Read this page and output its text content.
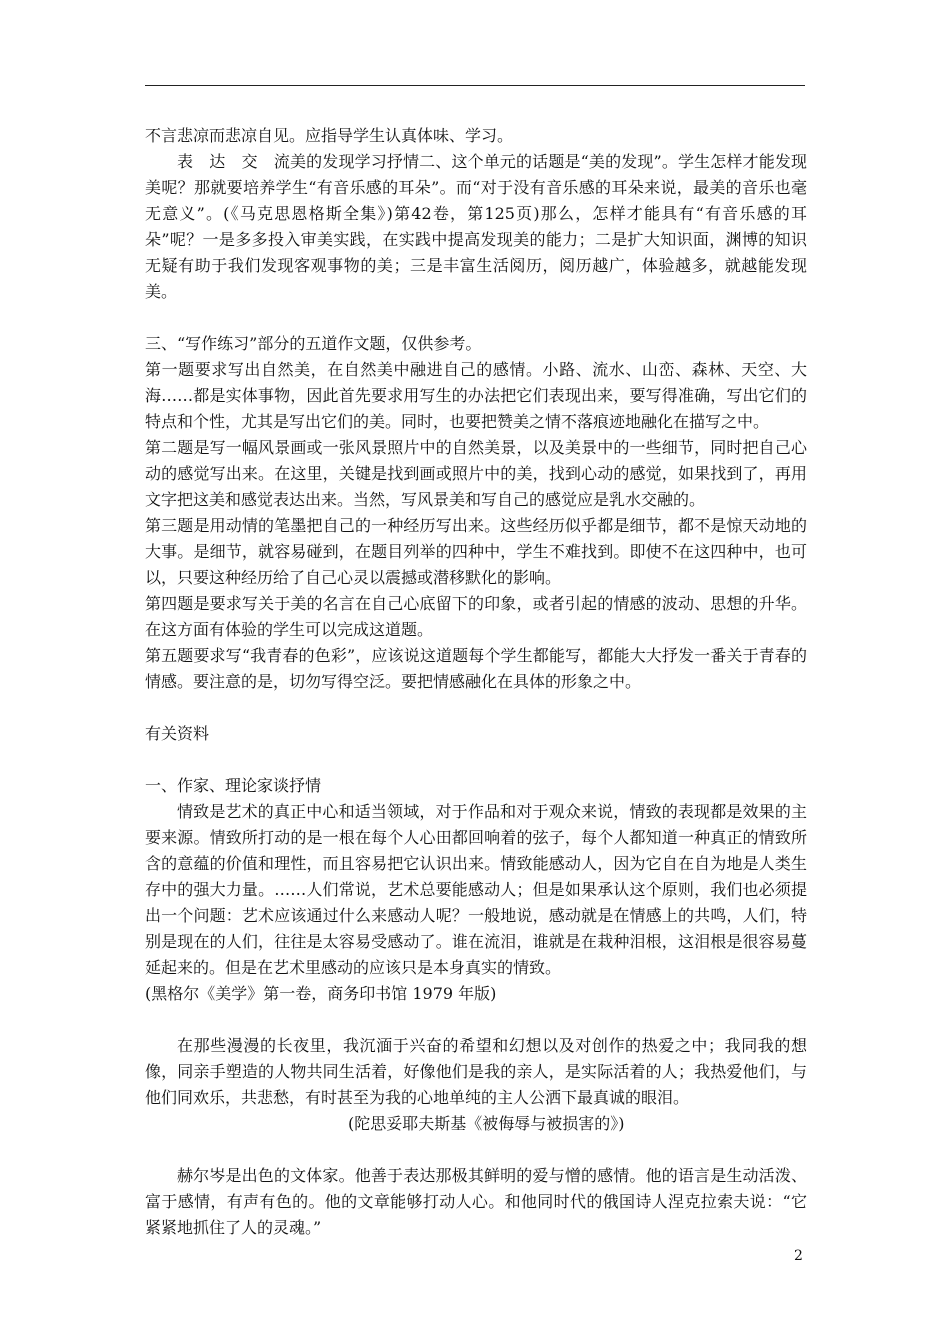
不言悲凉而悲凉自见。应指导学生认真体味、学习。

表　达　交　流美的发现学习抒情二、这个单元的话题是“美的发现”。学生怎样才能发现美呢？那就要培养学生“有音乐感的耳朵”。而“对于没有音乐感的耳朵来说，最美的音乐也毫无意义”。(《马克思恩格斯全集》)第42卷，第125页)那么，怎样才能具有“有音乐感的耳朵”呢？一是多多投入审美实践，在实践中提高发现美的能力；二是扩大知识面，渊博的知识无疑有助于我们发现客观事物的美；三是丰富生活阅历，阅历越广，体验越多，就越能发现美。

三、“写作练习”部分的五道作文题，仅供参考。

第一题要求写出自然美，在自然美中融进自己的感情。小路、流水、山峦、森林、天空、大海……都是实体事物，因此首先要求用写生的办法把它们表现出来，要写得准确，写出它们的特点和个性，尤其是写出它们的美。同时，也要把赞美之情不落痕迹地融化在描写之中。

第二题是写一幅风景画或一张风景照片中的自然美景，以及美景中的一些细节，同时把自己心动的感觉写出来。在这里，关键是找到画或照片中的美，找到心动的感觉，如果找到了，再用文字把这美和感觉表达出来。当然，写风景美和写自己的感觉应是乳水交融的。

第三题是用动情的笔墨把自己的一种经历写出来。这些经历似乎都是细节，都不是惊天动地的大事。是细节，就容易碰到，在题目列举的四种中，学生不难找到。即使不在这四种中，也可以，只要这种经历给了自己心灵以震撼或潜移默化的影响。

第四题是要求写关于美的名言在自己心底留下的印象，或者引起的情感的波动、思想的升华。在这方面有体验的学生可以完成这道题。

第五题要求写“我青春的色彩”，应该说这道题每个学生都能写，都能大大抒发一番关于青春的情感。要注意的是，切勿写得空泛。要把情感融化在具体的形象之中。

有关资料

一、作家、理论家谈抒情

情致是艺术的真正中心和适当领域，对于作品和对于观众来说，情致的表现都是效果的主要来源。情致所打动的是一根在每个人心田都回响着的弦子，每个人都知道一种真正的情致所含的意蕴的价值和理性，而且容易把它认识出来。情致能感动人，因为它自在自为地是人类生存中的强大力量。……人们常说，艺术总要能感动人；但是如果承认这个原则，我们也必须提出一个问题：艺术应该通过什么来感动人呢？一般地说，感动就是在情感上的共鸣，人们，特别是现在的人们，往往是太容易受感动了。谁在流泪，谁就是在栽种泪根，这泪根是很容易蔓延起来的。但是在艺术里感动的应该只是本身真实的情致。

(黑格尔《美学》第一卷，商务印书馆 1979 年版)

在那些漫漫的长夜里，我沉湎于兴奋的希望和幻想以及对创作的热爱之中；我同我的想像，同亲手塑造的人物共同生活着，好像他们是我的亲人，是实际活着的人；我热爱他们，与他们同欢乐，共悲愁，有时甚至为我的心地单纯的主人公洒下最真诚的眼泪。

(陀思妥耶夫斯基《被侮辱与被损害的》)

赫尔岑是出色的文体家。他善于表达那极其鲜明的爱与憎的感情。他的语言是生动活泼、富于感情，有声有色的。他的文章能够打动人心。和他同时代的俄国诗人涅克拉索夫说：“它紧紧地抓住了人的灵魂。”

2
